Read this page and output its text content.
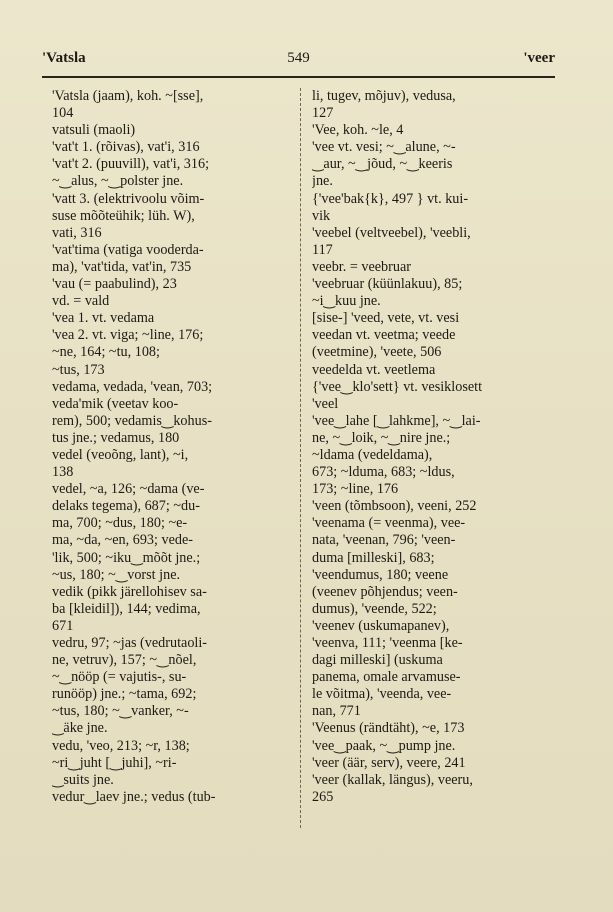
'Vatsla	549	'veer
'Vatsla (jaam), koh. ~[sse],
104
vatsuli (maoli)
'vat't 1. (rõivas), vat'i, 316
'vat't 2. (puuvill), vat'i, 316;
~‿alus, ~‿polster jne.
'vatt 3. (elektrivoolu võim-
suse mõõteühik; lüh. W),
vati, 316
'vat'tima (vatiga vooderda-
ma), 'vat'tida, vat'in, 735
'vau (= paabulind), 23
vd. = vald
'vea 1. vt. vedama
'vea 2. vt. viga; ~line, 176;
~ne, 164; ~tu, 108;
~tus, 173
vedama, vedada, 'vean, 703;
veda'mik (veetav koo-
rem), 500; vedamis‿kohus-
tus jne.; vedamus, 180
vedel (veoõng, lant), ~i,
138
vedel, ~a, 126; ~dama (ve-
delaks tegema), 687; ~du-
ma, 700; ~dus, 180; ~e-
ma, ~da, ~en, 693; vede-
'lik, 500; ~iku‿mõõt jne.;
~us, 180; ~‿vorst jne.
vedik (pikk järellohisev sa-
ba [kleidil]), 144; vedima,
671
vedru, 97; ~jas (vedrutaoli-
ne, vetruv), 157; ~‿nõel,
~‿nööp (= vajutis-, su-
runööp) jne.; ~tama, 692;
~tus, 180; ~‿vanker, ~-
‿äke jne.
vedu, 'veo, 213; ~r, 138;
~ri‿juht [‿juhi], ~ri-
‿suits jne.
vedur‿laev jne.; vedus (tub-
li, tugev, mõjuv), vedusa,
127
'Vee, koh. ~le, 4
'vee vt. vesi; ~‿alune, ~-
‿aur, ~‿jõud, ~‿keeris
jne.
{'vee'bak{k}, 497 } vt. kui-
vik
'veebel (veltveebel), 'veebli,
117
veebr. = veebruar
'veebruar (küünlakuu), 85;
~i‿kuu jne.
[sise-] 'veed, vete, vt. vesi
veedan vt. veetma; veede
(veetmine), 'veete, 506
veedelda vt. veetlema
{'vee‿klo'sett} vt. vesiklosett
'veel
'vee‿lahe [‿lahkme], ~‿lai-
ne, ~‿loik, ~‿nire jne.;
~ldama (vedeldama),
673; ~lduma, 683; ~ldus,
173; ~line, 176
'veen (tõmbsoon), veeni, 252
'veenama (= veenma), vee-
nata, 'veenan, 796; 'veen-
duma [milleski], 683;
'veendumus, 180; veene
(veenev põhjendus; veen-
dumus), 'veende, 522;
'veenev (uskumapanev),
'veenva, 111; 'veenma [ke-
dagi milleski] (uskuma
panema, omale arvamuse-
le võitma), 'veenda, vee-
nan, 771
'Veenus (rändtäht), ~e, 173
'vee‿paak, ~‿pump jne.
'veer (äär, serv), veere, 241
'veer (kallak, längus), veeru,
265
